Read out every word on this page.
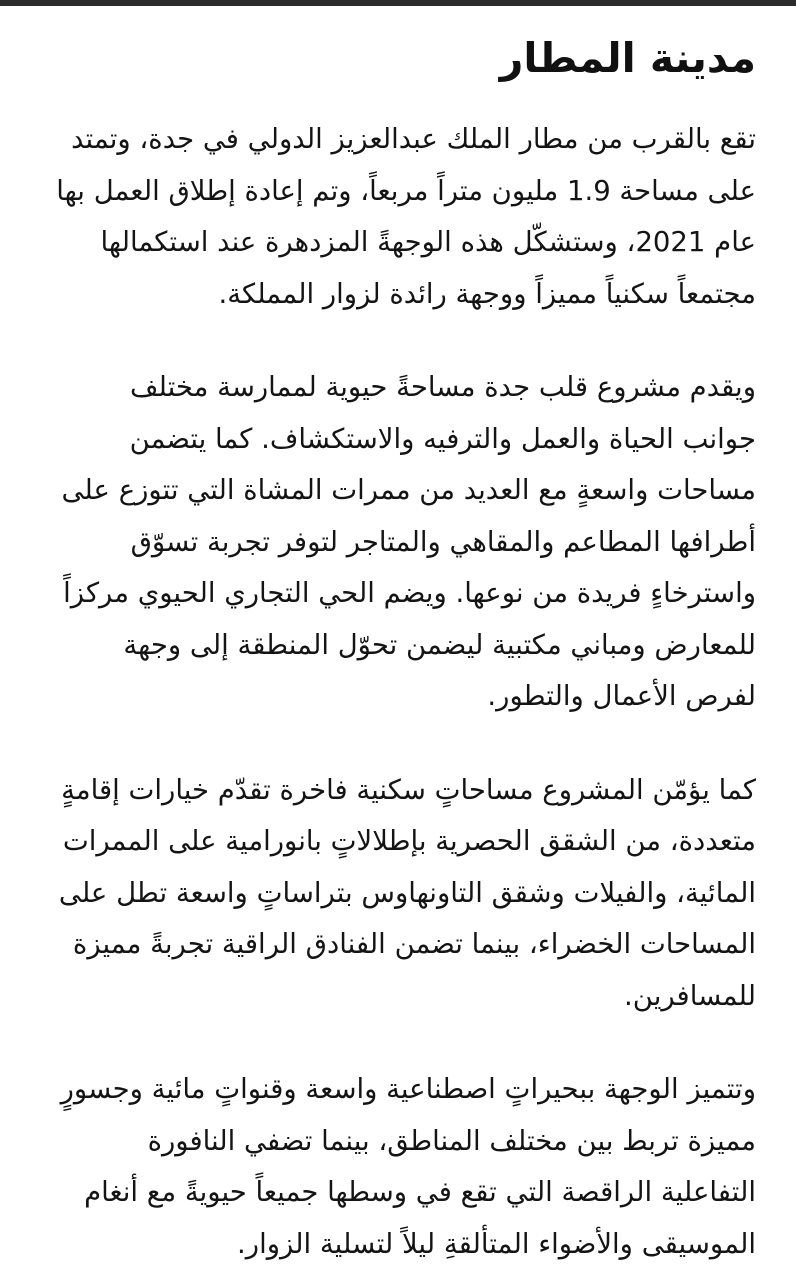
مدينة المطار

تقع بالقرب من مطار الملك عبدالعزيز الدولي في جدة، وتمتد على مساحة 1.9 مليون متراً مربعاً، وتم إعادة إطلاق العمل بها عام 2021، وستشكّل هذه الوجهةً المزدهرة عند استكمالها مجتمعاً سكنياً مميزاً ووجهة رائدة لزوار المملكة.

ويقدم مشروع قلب جدة مساحةً حيوية لممارسة مختلف جوانب الحياة والعمل والترفيه والاستكشاف. كما يتضمن مساحات واسعةٍ مع العديد من ممرات المشاة التي تتوزع على أطرافها المطاعم والمقاهي والمتاجر لتوفر تجربة تسوّق واسترخاءٍ فريدة من نوعها. ويضم الحي التجاري الحيوي مركزاً للمعارض ومباني مكتبية ليضمن تحوّل المنطقة إلى وجهة لفرص الأعمال والتطور.

كما يؤمّن المشروع مساحاتٍ سكنية فاخرة تقدّم خيارات إقامةٍ متعددة، من الشقق الحصرية بإطلالاتٍ بانورامية على الممرات المائية، والفيلات وشقق التاونهاوس بتراساتٍ واسعة تطل على المساحات الخضراء، بينما تضمن الفنادق الراقية تجربةً مميزة للمسافرين.

وتتميز الوجهة ببحيراتٍ اصطناعية واسعة وقنواتٍ مائية وجسورٍ مميزة تربط بين مختلف المناطق، بينما تضفي النافورة التفاعلية الراقصة التي تقع في وسطها جميعاً حيويةً مع أنغام الموسيقى والأضواء المتألقةِ ليلاً لتسلية الزوار.
